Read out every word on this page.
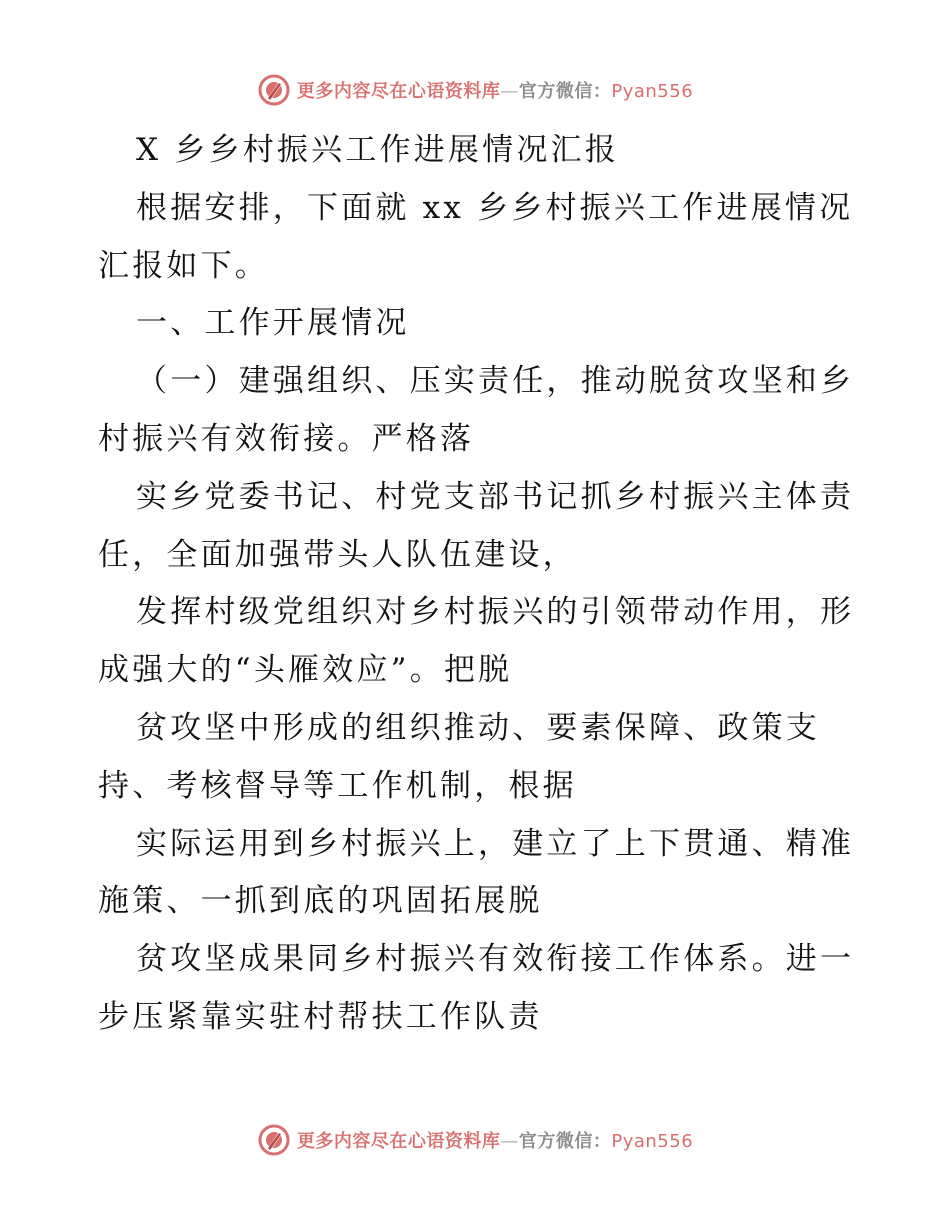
更多内容尽在心语资料库—官方微信：Pyan556
X 乡乡村振兴工作进展情况汇报
根据安排，下面就 xx 乡乡村振兴工作进展情况
汇报如下。
一、工作开展情况
（一）建强组织、压实责任，推动脱贫攻坚和乡
村振兴有效衔接。严格落
实乡党委书记、村党支部书记抓乡村振兴主体责
任，全面加强带头人队伍建设，
发挥村级党组织对乡村振兴的引领带动作用，形
成强大的“头雁效应”。把脱
贫攻坚中形成的组织推动、要素保障、政策支
持、考核督导等工作机制，根据
实际运用到乡村振兴上，建立了上下贯通、精准
施策、一抓到底的巩固拓展脱
贫攻坚成果同乡村振兴有效衔接工作体系。进一
步压紧靠实驻村帮扶工作队责
更多内容尽在心语资料库—官方微信：Pyan556
